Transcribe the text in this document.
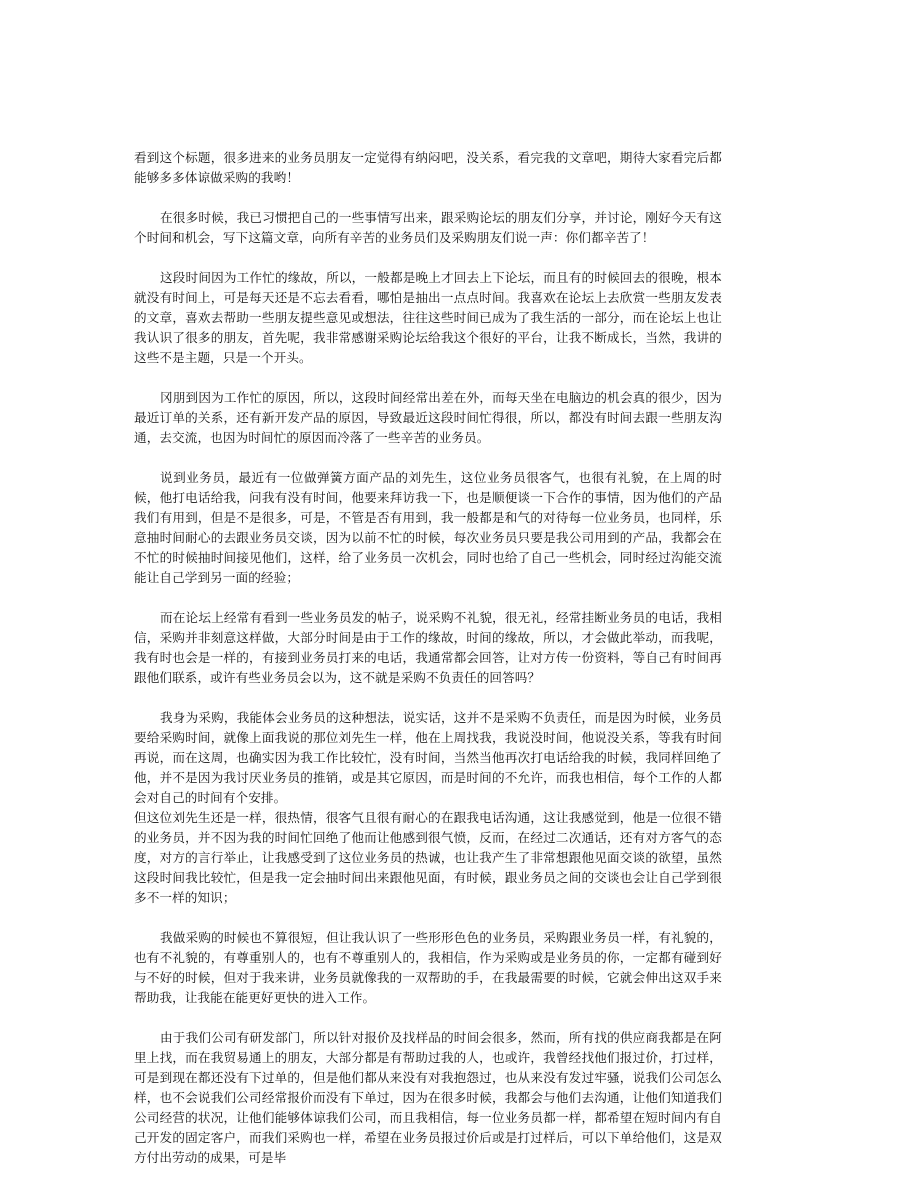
看到这个标题，很多进来的业务员朋友一定觉得有纳闷吧，没关系，看完我的文章吧，期待大家看完后都能够多多体谅做采购的我哟！

在很多时候，我已习惯把自己的一些事情写出来，跟采购论坛的朋友们分享，并讨论，刚好今天有这个时间和机会，写下这篇文章，向所有辛苦的业务员们及采购朋友们说一声：你们都辛苦了！

这段时间因为工作忙的缘故，所以，一般都是晚上才回去上下论坛，而且有的时候回去的很晚，根本就没有时间上，可是每天还是不忘去看看，哪怕是抽出一点点时间。我喜欢在论坛上去欣赏一些朋友发表的文章，喜欢去帮助一些朋友提些意见或想法，往往这些时间已成为了我生活的一部分，而在论坛上也让我认识了很多的朋友，首先呢，我非常感谢采购论坛给我这个很好的平台，让我不断成长，当然，我讲的这些不是主题，只是一个开头。

冈朋到因为工作忙的原因，所以，这段时间经常出差在外，而每天坐在电脑边的机会真的很少，因为最近订单的关系，还有新开发产品的原因，导致最近这段时间忙得很，所以，都没有时间去跟一些朋友沟通，去交流，也因为时间忙的原因而冷落了一些辛苦的业务员。

说到业务员，最近有一位做弹簧方面产品的刘先生，这位业务员很客气，也很有礼貌，在上周的时候，他打电话给我，问我有没有时间，他要来拜访我一下，也是顺便谈一下合作的事情，因为他们的产品我们有用到，但是不是很多，可是，不管是否有用到，我一般都是和气的对待每一位业务员，也同样，乐意抽时间耐心的去跟业务员交谈，因为以前不忙的时候，每次业务员只要是我公司用到的产品，我都会在不忙的时候抽时间接见他们，这样，给了业务员一次机会，同时也给了自己一些机会，同时经过沟能交流能让自己学到另一面的经验；

而在论坛上经常有看到一些业务员发的帖子，说采购不礼貌，很无礼，经常挂断业务员的电话，我相信，采购并非刻意这样做，大部分时间是由于工作的缘故，时间的缘故，所以，才会做此举动，而我呢，我有时也会是一样的，有接到业务员打来的电话，我通常都会回答，让对方传一份资料，等自己有时间再跟他们联系，或许有些业务员会以为，这不就是采购不负责任的回答吗？

我身为采购，我能体会业务员的这种想法，说实话，这并不是采购不负责任，而是因为时候，业务员要给采购时间，就像上面我说的那位刘先生一样，他在上周找我，我说没时间，他说没关系，等我有时间再说，而在这周，也确实因为我工作比较忙，没有时间，当然当他再次打电话给我的时候，我同样回绝了他，并不是因为我讨厌业务员的推销，或是其它原因，而是时间的不允许，而我也相信，每个工作的人都会对自己的时间有个安排。

但这位刘先生还是一样，很热情，很客气且很有耐心的在跟我电话沟通，这让我感觉到，他是一位很不错的业务员，并不因为我的时间忙回绝了他而让他感到很气愤，反而，在经过二次通话，还有对方客气的态度，对方的言行举止，让我感受到了这位业务员的热诚，也让我产生了非常想跟他见面交谈的欲望，虽然这段时间我比较忙，但是我一定会抽时间出来跟他见面，有时候，跟业务员之间的交谈也会让自己学到很多不一样的知识；

我做采购的时候也不算很短，但让我认识了一些形形色色的业务员，采购跟业务员一样，有礼貌的，也有不礼貌的，有尊重别人的，也有不尊重别人的，我相信，作为采购或是业务员的你，一定都有碰到好与不好的时候，但对于我来讲，业务员就像我的一双帮助的手，在我最需要的时候，它就会伸出这双手来帮助我，让我能在能更好更快的进入工作。

由于我们公司有研发部门，所以针对报价及找样品的时间会很多，然而，所有找的供应商我都是在阿里上找，而在我贸易通上的朋友，大部分都是有帮助过我的人，也或许，我曾经找他们报过价，打过样，可是到现在都还没有下过单的，但是他们都从来没有对我抱怨过，也从来没有发过牢骚，说我们公司怎么样，也不会说我们公司经常报价而没有下单过，因为在很多时候，我都会与他们去沟通，让他们知道我们公司经营的状况，让他们能够体谅我们公司，而且我相信，每一位业务员都一样，都希望在短时间内有自己开发的固定客户，而我们采购也一样，希望在业务员报过价后或是打过样后，可以下单给他们，这是双方付出劳动的成果，可是毕
